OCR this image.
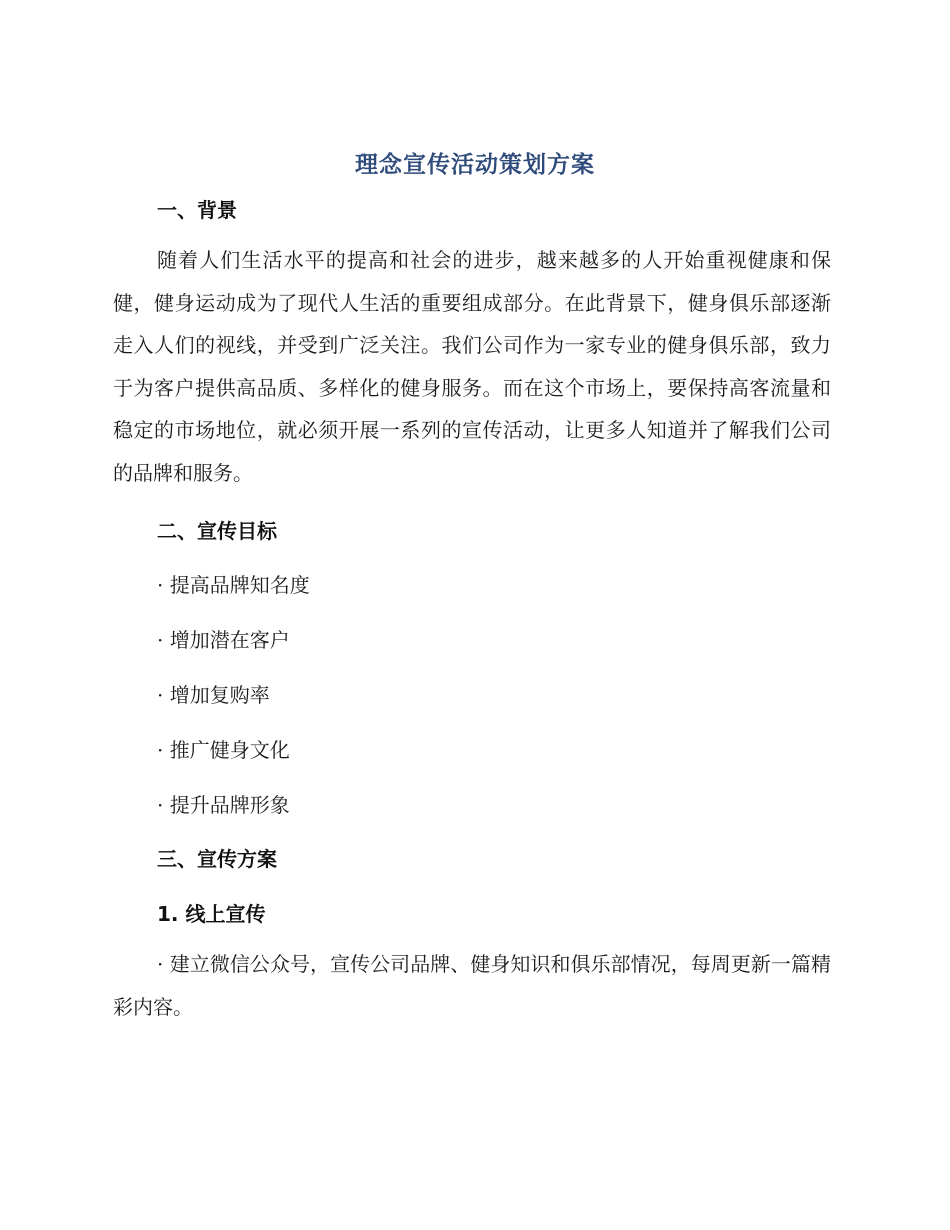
理念宣传活动策划方案
一、背景

随着人们生活水平的提高和社会的进步，越来越多的人开始重视健康和保健，健身运动成为了现代人生活的重要组成部分。在此背景下，健身俱乐部逐渐走入人们的视线，并受到广泛关注。我们公司作为一家专业的健身俱乐部，致力于为客户提供高品质、多样化的健身服务。而在这个市场上，要保持高客流量和稳定的市场地位，就必须开展一系列的宣传活动，让更多人知道并了解我们公司的品牌和服务。

二、宣传目标
· 提高品牌知名度
· 增加潜在客户
· 增加复购率
· 推广健身文化
· 提升品牌形象
三、宣传方案
1. 线上宣传

· 建立微信公众号，宣传公司品牌、健身知识和俱乐部情况，每周更新一篇精彩内容。
